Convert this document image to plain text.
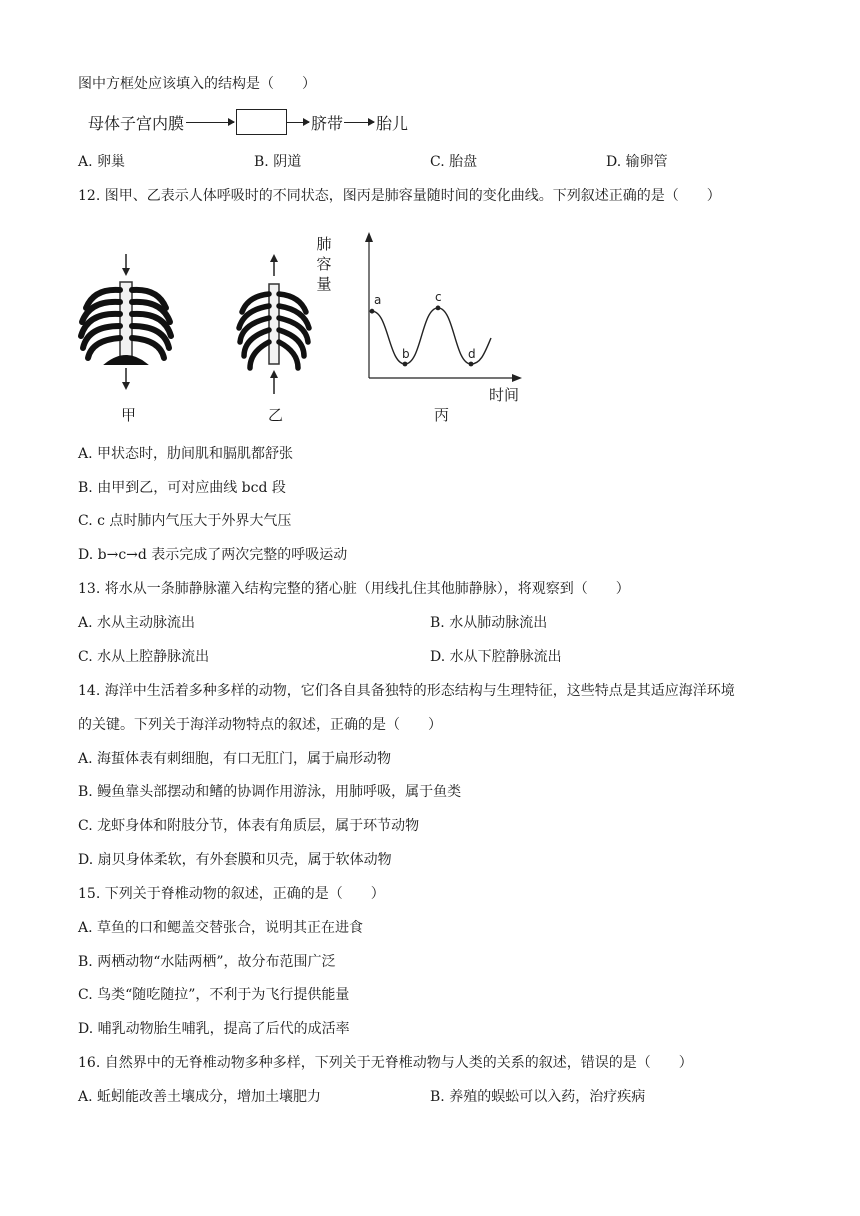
图中方框处应该填入的结构是（　　）
母体子宫内膜	脐带 胎儿
A. 卵巢	B. 阴道	C. 胎盘	D. 输卵管
12. 图甲、乙表示人体呼吸时的不同状态，图丙是肺容量随时间的变化曲线。下列叙述正确的是（　　）
甲	乙
a
b
c
d
肺容量
时间
丙
A. 甲状态时，肋间肌和膈肌都舒张
B. 由甲到乙，可对应曲线 bcd 段
C. c 点时肺内气压大于外界大气压
D. b→c→d 表示完成了两次完整的呼吸运动
13. 将水从一条肺静脉灌入结构完整的猪心脏（用线扎住其他肺静脉），将观察到（　　）
A. 水从主动脉流出	B. 水从肺动脉流出
C. 水从上腔静脉流出	D. 水从下腔静脉流出
14. 海洋中生活着多种多样的动物，它们各自具备独特的形态结构与生理特征，这些特点是其适应海洋环境
的关键。下列关于海洋动物特点的叙述，正确的是（　　）
A. 海蜇体表有刺细胞，有口无肛门，属于扁形动物
B. 鳗鱼靠头部摆动和鳍的协调作用游泳，用肺呼吸，属于鱼类
C. 龙虾身体和附肢分节，体表有角质层，属于环节动物
D. 扇贝身体柔软，有外套膜和贝壳，属于软体动物
15. 下列关于脊椎动物的叙述，正确的是（　　）
A. 草鱼的口和鳃盖交替张合，说明其正在进食
B. 两栖动物“水陆两栖”，故分布范围广泛
C. 鸟类“随吃随拉”，不利于为飞行提供能量
D. 哺乳动物胎生哺乳，提高了后代的成活率
16. 自然界中的无脊椎动物多种多样，下列关于无脊椎动物与人类的关系的叙述，错误的是（　　）
A. 蚯蚓能改善土壤成分，增加土壤肥力	B. 养殖的蜈蚣可以入药，治疗疾病
